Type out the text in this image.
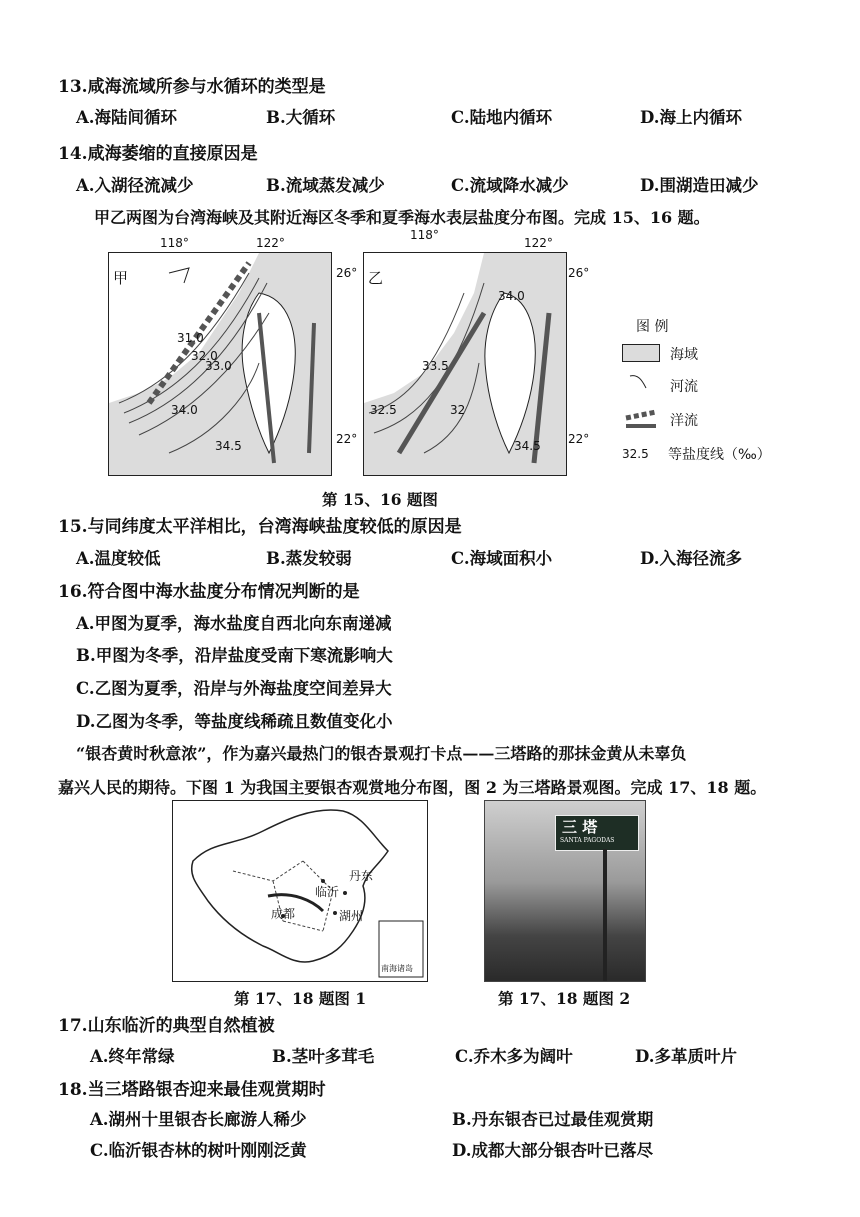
13.咸海流域所参与水循环的类型是
A.海陆间循环	B.大循环	C.陆地内循环	D.海上内循环
14.咸海萎缩的直接原因是
A.入湖径流减少	B.流域蒸发减少	C.流域降水减少	D.围湖造田减少
甲乙两图为台湾海峡及其附近海区冬季和夏季海水表层盐度分布图。完成 15、16 题。
118°	122°
甲
31.0
32.0
33.0
34.0
34.5
26°
22°
118°
122°
乙
34.0
33.5
32.5	32
34.5
26°
22°
图 例
海域
河流
洋流
32.5 等盐度线（‰）
第 15、16 题图
15.与同纬度太平洋相比，台湾海峡盐度较低的原因是
A.温度较低	B.蒸发较弱	C.海域面积小	D.入海径流多
16.符合图中海水盐度分布情况判断的是
A.甲图为夏季，海水盐度自西北向东南递减
B.甲图为冬季，沿岸盐度受南下寒流影响大
C.乙图为夏季，沿岸与外海盐度空间差异大
D.乙图为冬季，等盐度线稀疏且数值变化小
“银杏黄时秋意浓”，作为嘉兴最热门的银杏景观打卡点——三塔路的那抹金黄从未辜负
嘉兴人民的期待。下图 1 为我国主要银杏观赏地分布图，图 2 为三塔路景观图。完成 17、18 题。
丹东
临沂
成都	湖州
南海诸岛
三 塔
SANTA PAGODAS
第 17、18 题图 1	第 17、18 题图 2
17.山东临沂的典型自然植被
A.终年常绿	B.茎叶多茸毛	C.乔木多为阔叶	D.多革质叶片
18.当三塔路银杏迎来最佳观赏期时
A.湖州十里银杏长廊游人稀少	B.丹东银杏已过最佳观赏期
C.临沂银杏林的树叶刚刚泛黄	D.成都大部分银杏叶已落尽
